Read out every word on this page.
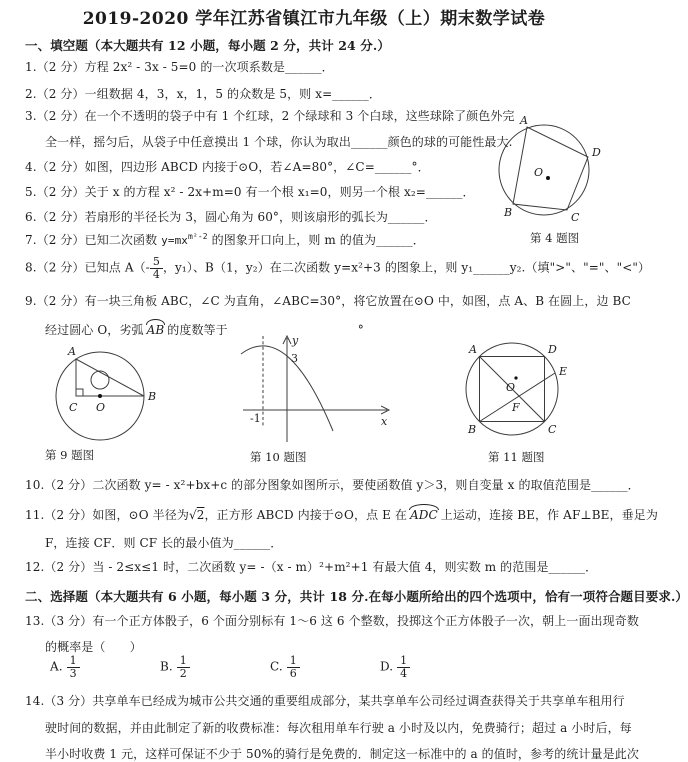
2019-2020 学年江苏省镇江市九年级（上）期末数学试卷
一、填空题（本大题共有 12 小题，每小题 2 分，共计 24 分.）
1.（2 分）方程 2x² - 3x - 5=0 的一次项系数是______．
2.（2 分）一组数据 4，3，x，1，5 的众数是 5，则 x=______．
3.（2 分）在一个不透明的袋子中有 1 个红球，2 个绿球和 3 个白球，这些球除了颜色外完
全一样，摇匀后，从袋子中任意摸出 1 个球，你认为取出______颜色的球的可能性最大.
4.（2 分）如图，四边形 ABCD 内接于⊙O，若∠A=80°，∠C=______°．
5.（2 分）关于 x 的方程 x² - 2x+m=0 有一个根 x₁=0，则另一个根 x₂=______．
6.（2 分）若扇形的半径长为 3，圆心角为 60°，则该扇形的弧长为______．
7.（2 分）已知二次函数 $y=mx^{m^2-2}$ 的图象开口向上，则 m 的值为______．
8.（2 分）已知点 $A(- \frac{5}{4}$ ，y₁）、B（1，y₂）在二次函数 y=x²+3 的图象上，则 y₁______y₂.（填">"、"="、"<"）
9.（2 分）有一块三角板 ABC，∠C 为直角，∠ABC=30°，将它放置在⊙O 中，如图，点 A、B 在圆上，边 BC
经过圆心 O，劣弧 AB 的度数等于	°
A
D
B	C
O
第 4 题图
A
C O
B
第 9 题图
y
x
3
-1
第 10 题图
A	D
E
O
F
B	C
第 11 题图
10.（2 分）二次函数 y= - x²+bx+c 的部分图象如图所示，要使函数值 y＞3，则自变量 x 的取值范围是______．
11.（2 分）如图，⊙O 半径为√2，正方形 ABCD 内接于⊙O，点 E 在 ADC 上运动，连接 BE，作 AF⊥BE，垂足为
F，连接 CF．则 CF 长的最小值为______．
12.（2 分）当 - 2≤x≤1 时，二次函数 y= -（x - m）²+m²+1 有最大值 4，则实数 m 的范围是______．
二、选择题（本大题共有 6 小题，每小题 3 分，共计 18 分.在每小题所给出的四个选项中，恰有一项符合题目要求.）
13.（3 分）有一个正方体骰子，6 个面分别标有 1～6 这 6 个整数，投掷这个正方体骰子一次，朝上一面出现奇数
的概率是（　　）
A. $\frac{1}{3}$	B. $\frac{1}{2}$	C. $\frac{1}{6}$	D. $\frac{1}{4}$
14.（3 分）共享单车已经成为城市公共交通的重要组成部分，某共享单车公司经过调查获得关于共享单车租用行
驶时间的数据，并由此制定了新的收费标准：每次租用单车行驶 a 小时及以内，免费骑行；超过 a 小时后，每
半小时收费 1 元，这样可保证不少于 50%的骑行是免费的．制定这一标准中的 a 的值时，参考的统计量是此次
